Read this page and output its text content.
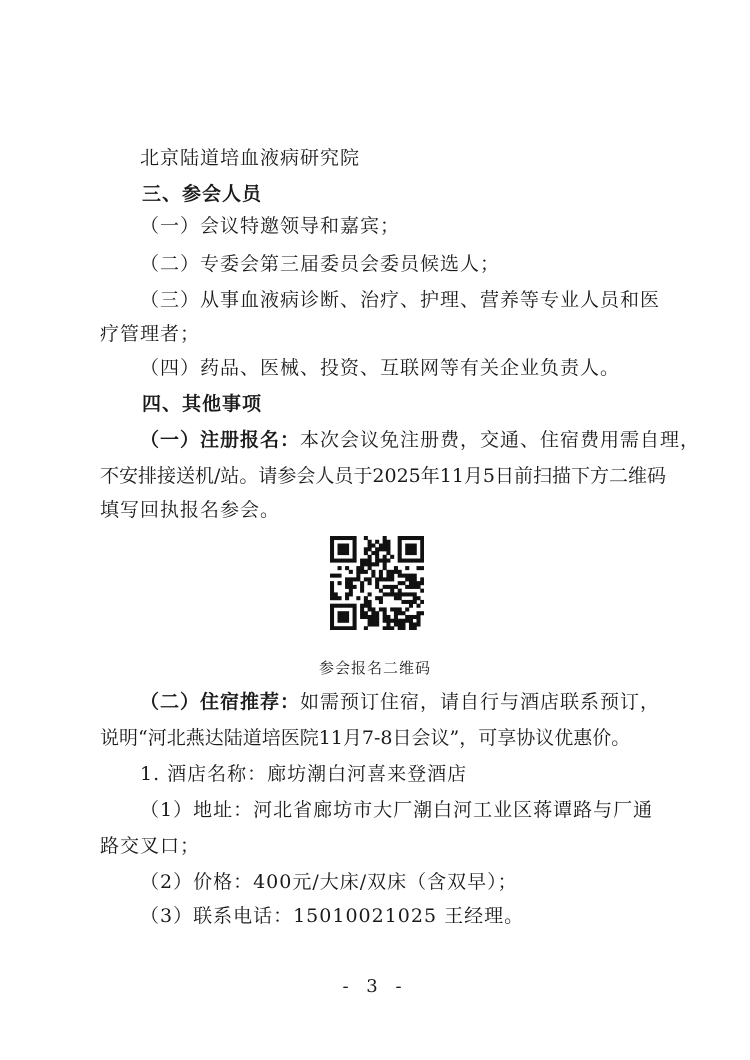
北京陆道培血液病研究院
三、参会人员
（一）会议特邀领导和嘉宾；
（二）专委会第三届委员会委员候选人；
（三）从事血液病诊断、治疗、护理、营养等专业人员和医
疗管理者；
（四）药品、医械、投资、互联网等有关企业负责人。
四、其他事项
（一）注册报名：本次会议免注册费，交通、住宿费用需自理，
不安排接送机/站。请参会人员于2025年11月5日前扫描下方二维码
填写回执报名参会。
参会报名二维码
（二）住宿推荐：如需预订住宿，请自行与酒店联系预订，
说明“河北燕达陆道培医院11月7-8日会议”，可享协议优惠价。
1. 酒店名称：廊坊潮白河喜来登酒店
（1）地址：河北省廊坊市大厂潮白河工业区蒋谭路与厂通
路交叉口；
（2）价格：400元/大床/双床（含双早）；
（3）联系电话：15010021025 王经理。
- 3 -
